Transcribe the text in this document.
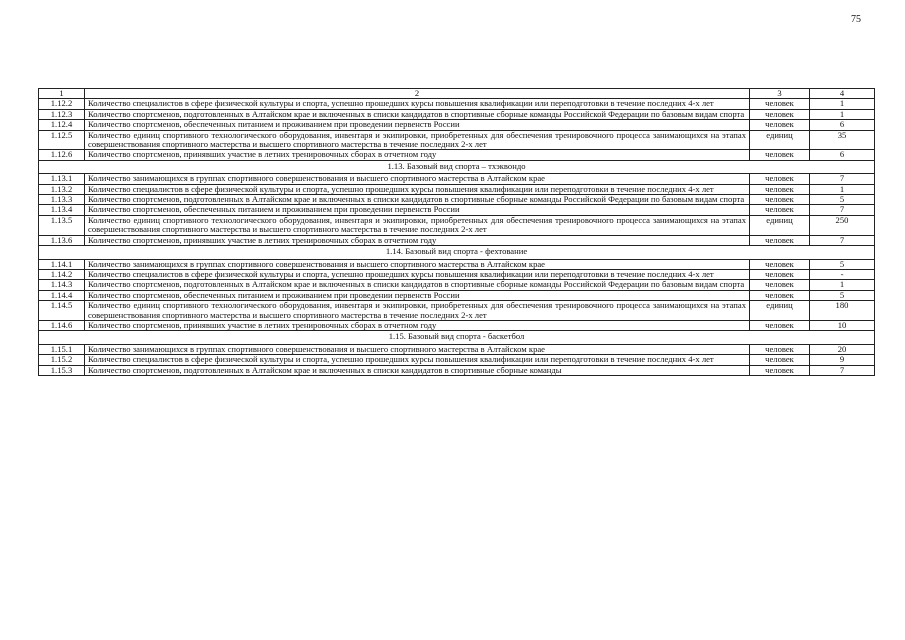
75
1	2	3	4
1.12.2	Количество специалистов в сфере физической культуры и спорта, успешно прошедших курсы повышения квалификации или переподготовки в течение последних 4-х лет	человек	1
1.12.3	Количество спортсменов, подготовленных в Алтайском крае и включенных в списки кандидатов в спортивные сборные команды Российской Федерации по базовым видам спорта	человек	1
1.12.4	Количество спортсменов, обеспеченных питанием и проживанием при проведении первенств России	человек	6
1.12.5	Количество единиц спортивного технологического оборудования, инвентаря и экипировки, приобретенных для обеспечения тренировочного процесса занимающихся на этапах совершенствования спортивного мастерства и высшего спортивного мастерства в течение последних 2-х лет	единиц	35
1.12.6	Количество спортсменов, принявших участие в летних тренировочных сборах в отчетном году	человек	6
1.13. Базовый вид спорта – тхэквондо			
1.13.1	Количество занимающихся в группах спортивного совершенствования и высшего спортивного мастерства в Алтайском крае	человек	7
1.13.2	Количество специалистов в сфере физической культуры и спорта, успешно прошедших курсы повышения квалификации или переподготовки в течение последних 4-х лет	человек	1
1.13.3	Количество спортсменов, подготовленных в Алтайском крае и включенных в списки кандидатов в спортивные сборные команды Российской Федерации по базовым видам спорта	человек	5
1.13.4	Количество спортсменов, обеспеченных питанием и проживанием при проведении первенств России	человек	7
1.13.5	Количество единиц спортивного технологического оборудования, инвентаря и экипировки, приобретенных для обеспечения тренировочного процесса занимающихся на этапах совершенствования спортивного мастерства и высшего спортивного мастерства в течение последних 2-х лет	единиц	250
1.13.6	Количество спортсменов, принявших участие в летних тренировочных сборах в отчетном году	человек	7
1.14. Базовый вид спорта - фехтование			
1.14.1	Количество занимающихся в группах спортивного совершенствования и высшего спортивного мастерства в Алтайском крае	человек	5
1.14.2	Количество специалистов в сфере физической культуры и спорта, успешно прошедших курсы повышения квалификации или переподготовки в течение последних 4-х лет	человек	-
1.14.3	Количество спортсменов, подготовленных в Алтайском крае и включенных в списки кандидатов в спортивные сборные команды Российской Федерации по базовым видам спорта	человек	1
1.14.4	Количество спортсменов, обеспеченных питанием и проживанием при проведении первенств России	человек	5
1.14.5	Количество единиц спортивного технологического оборудования, инвентаря и экипировки, приобретенных для обеспечения тренировочного процесса занимающихся на этапах совершенствования спортивного мастерства и высшего спортивного мастерства в течение последних 2-х лет	единиц	180
1.14.6	Количество спортсменов, принявших участие в летних тренировочных сборах в отчетном году	человек	10
1.15. Базовый вид спорта - баскетбол			
1.15.1	Количество занимающихся в группах спортивного совершенствования и высшего спортивного мастерства в Алтайском крае	человек	20
1.15.2	Количество специалистов в сфере физической культуры и спорта, успешно прошедших курсы повышения квалификации или переподготовки в течение последних 4-х лет	человек	9
1.15.3	Количество спортсменов, подготовленных в Алтайском крае и включенных в списки кандидатов в спортивные сборные команды	человек	7
